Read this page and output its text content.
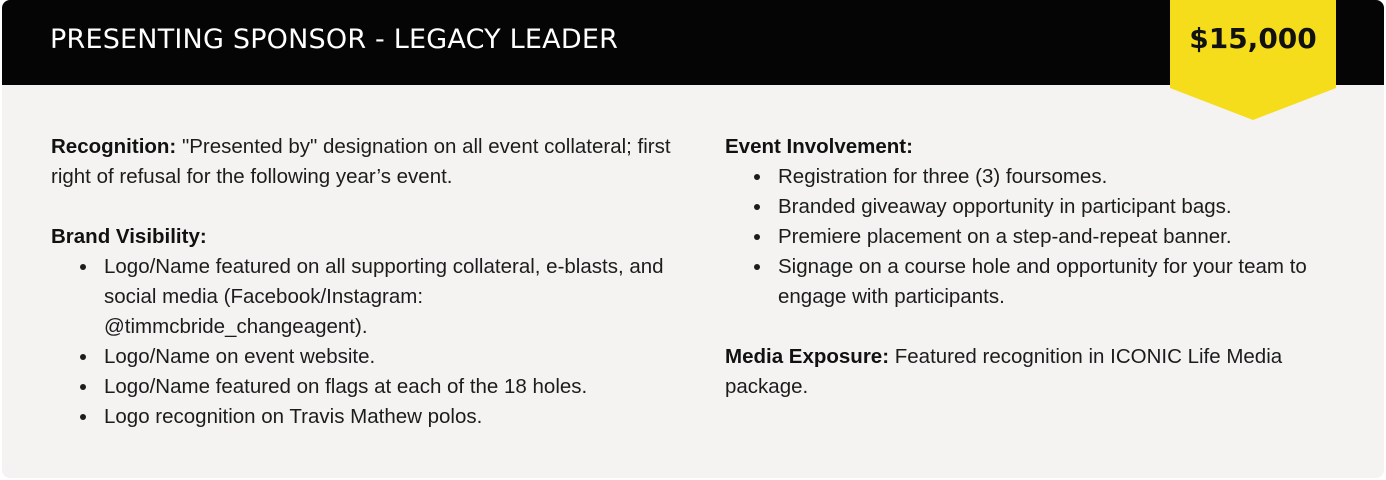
PRESENTING SPONSOR - LEGACY LEADER	$15,000

Recognition: "Presented by" designation on all event collateral; first right of refusal for the following year’s event.

Brand Visibility:
Logo/Name featured on all supporting collateral, e-blasts, and social media (Facebook/Instagram: @timmcbride_changeagent).
Logo/Name on event website.
Logo/Name featured on flags at each of the 18 holes.
Logo recognition on Travis Mathew polos.
Event Involvement:
Registration for three (3) foursomes.
Branded giveaway opportunity in participant bags.
Premiere placement on a step-and-repeat banner.
Signage on a course hole and opportunity for your team to engage with participants.

Media Exposure: Featured recognition in ICONIC Life Media package.
